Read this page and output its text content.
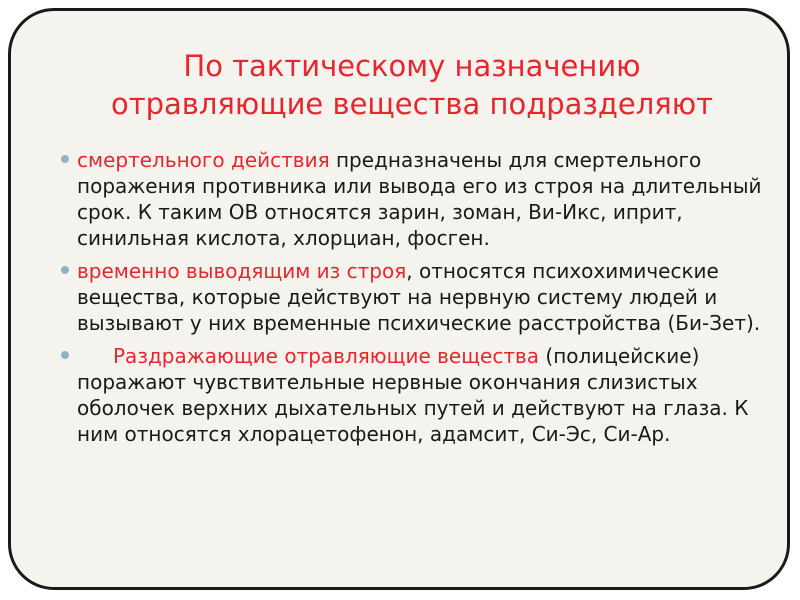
По тактическому назначению
отравляющие вещества подразделяют
смертельного действия предназначены для смертельного поражения противника или вывода его из строя на длительный срок. К таким ОВ относятся зарин, зоман, Ви-Икс, иприт, синильная кислота, хлорциан, фосген.
временно выводящим из строя, относятся психохимические вещества, которые действуют на нервную систему людей и вызывают у них временные психические расстройства (Би-Зет).
Раздражающие отравляющие вещества (полицейские) поражают чувствительные нервные окончания слизистых оболочек верхних дыхательных путей и действуют на глаза. К ним относятся хлорацетофенон, адамсит, Си-Эс, Си-Ар.
